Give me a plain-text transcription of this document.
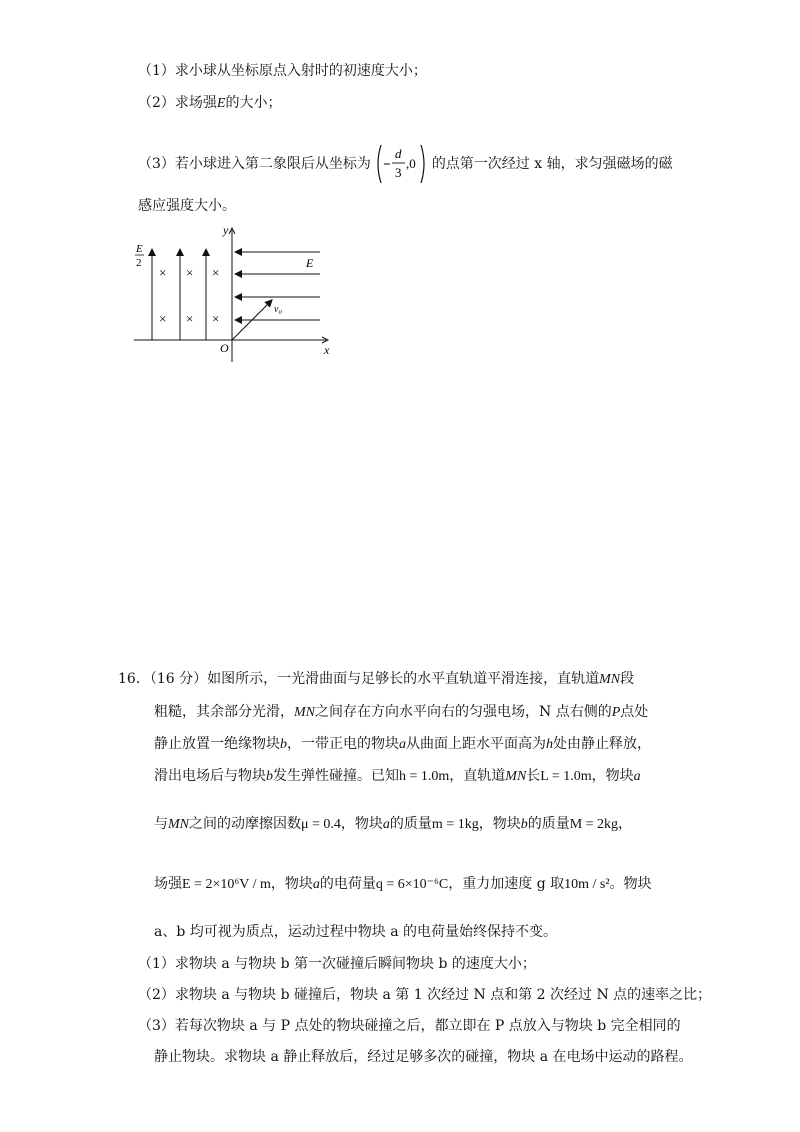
（1）求小球从坐标原点入射时的初速度大小；
（2）求场强E的大小；
（3）若小球进入第二象限后从坐标为
d
3
,0 的点第一次经过 x 轴，求匀强磁场的磁
感应强度大小。
y
x
O
E
2
× × ×
× × ×
E
v₀
16．（16 分）如图所示，一光滑曲面与足够长的水平直轨道平滑连接，直轨道MN段
粗糙，其余部分光滑，MN之间存在方向水平向右的匀强电场，N 点右侧的P点处
静止放置一绝缘物块b，一带正电的物块a从曲面上距水平面高为h处由静止释放，
滑出电场后与物块b发生弹性碰撞。已知h = 1.0m，直轨道MN长L = 1.0m，物块a
与MN之间的动摩擦因数μ = 0.4，物块a的质量m = 1kg，物块b的质量M = 2kg，
场强E = 2×10⁶V / m，物块a的电荷量q = 6×10⁻⁶C，重力加速度 g 取10m / s²。物块
a、b 均可视为质点，运动过程中物块 a 的电荷量始终保持不变。
（1）求物块 a 与物块 b 第一次碰撞后瞬间物块 b 的速度大小；
（2）求物块 a 与物块 b 碰撞后，物块 a 第 1 次经过 N 点和第 2 次经过 N 点的速率之比；
（3）若每次物块 a 与 P 点处的物块碰撞之后，都立即在 P 点放入与物块 b 完全相同的
静止物块。求物块 a 静止释放后，经过足够多次的碰撞，物块 a 在电场中运动的路程。
